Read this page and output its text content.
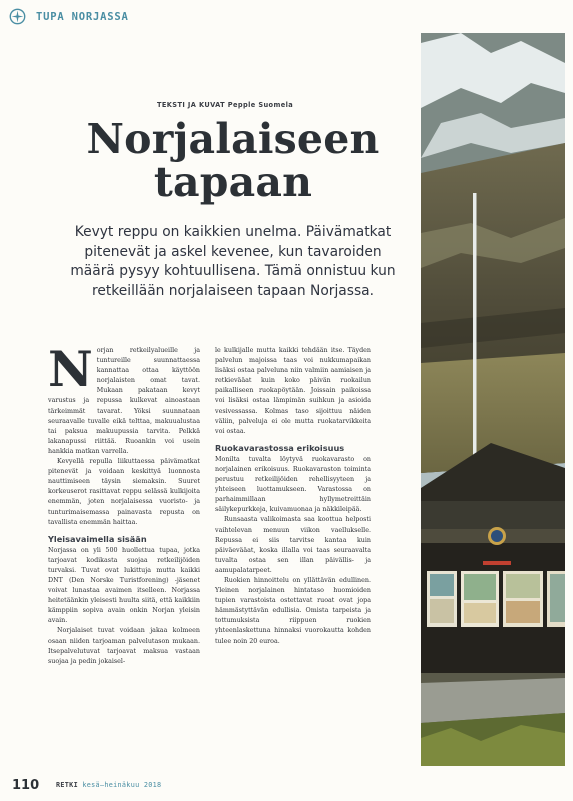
TUPA NORJASSA
TEKSTI JA KUVAT Pepple Suomela
Norjalaiseen
tapaan
Kevyt reppu on kaikkien unelma. Päivämatkat
pitenevät ja askel kevenee, kun tavaroiden
määrä pysyy kohtuullisena. Tämä onnistuu kun
retkeillään norjalaiseen tapaan Norjassa.

Norjan retkeilyalueille ja tuntureille suunnattaessa kannattaa ottaa käyttöön norjalaisten omat tavat. Mukaan pakataan kevyt varustus ja repussa kulkevat ainoastaan tärkeimmät tavarat. Yöksi suunnataan seuraavalle tuvalle eikä telttaa, makuualustaa tai paksua makuupussia tarvita. Pelkkä lakanapussi riittää. Ruoankin voi usein hankkia matkan varrella.

Kevyellä repulla liikuttaessa päivämatkat pitenevät ja voidaan keskittyä luonnosta nauttimiseen täysin siemaksin. Suuret korkeuserot rasittavat reppu selässä kulkijoita enemmän, joten norjalaisessa vuoristo- ja tunturimaisemassa painavasta repusta on tavallista enemmän haittaa.

Yleisavaimella sisään

Norjassa on yli 500 huollettua tupaa, jotka tarjoavat kodikasta suojaa retkeilijöiden turvaksi. Tuvat ovat lukittuja mutta kaikki DNT (Den Norske Turistforening) -jäsenet voivat lunastaa avaimen itselleen. Norjassa heitetäänkin yleisesti huulta siitä, että kaikkiin kämppiin sopiva avain onkin Norjan yleisin avain.

Norjalaiset tuvat voidaan jakaa kolmeen osaan niiden tarjoaman palvelutason mukaan. Itsepalvelutuvat tarjoavat maksua vastaan suojaa ja pedin jokaisel-

le kulkijalle mutta kaikki tehdään itse. Täyden palvelun majoissa taas voi nukkumapaikan lisäksi ostaa palveluna niin valmiin aamiaisen ja retkievääat kuin koko päivän ruokailun paikalliseen ruokapöytään. Joissain paikoissa voi lisäksi ostaa lämpimän suihkun ja asioida vesivessassa. Kolmas taso sijoittuu näiden väliin, palveluja ei ole mutta ruokatarvikkeita voi ostaa.

Ruokavarastossa erikoisuus

Monilta tuvalta löytyvä ruokavarasto on norjalainen erikoisuus. Ruokavaraston toiminta perustuu retkeilijöiden rehellisyyteen ja yhteiseen luottamukseen. Varastossa on parhaimmillaan hyllymetreittäin säilykepurkkeja, kuivamuonaa ja näkkileipää.

Runsaasta valikoimasta saa koottua helposti vaihtelevan menuun viikon vaellukselle. Repussa ei siis tarvitse kantaa kuin päiväevääat, koska illalla voi taas seuraavalta tuvalta ostaa sen illan päivällis- ja aamupalatarpeet.

Ruokien hinnoittelu on yllättävän edullinen. Yleinen norjalainen hintataso huomioiden tupien varastoista ostettavat ruoat ovat jopa hämmästyttävän edullisia. Omista tarpeista ja tottumuksista riippuen ruokien yhteenlaskettuna hinnaksi vuorokautta kohden tulee noin 20 euroa.

110 RETKI kesä–heinäkuu 2018
